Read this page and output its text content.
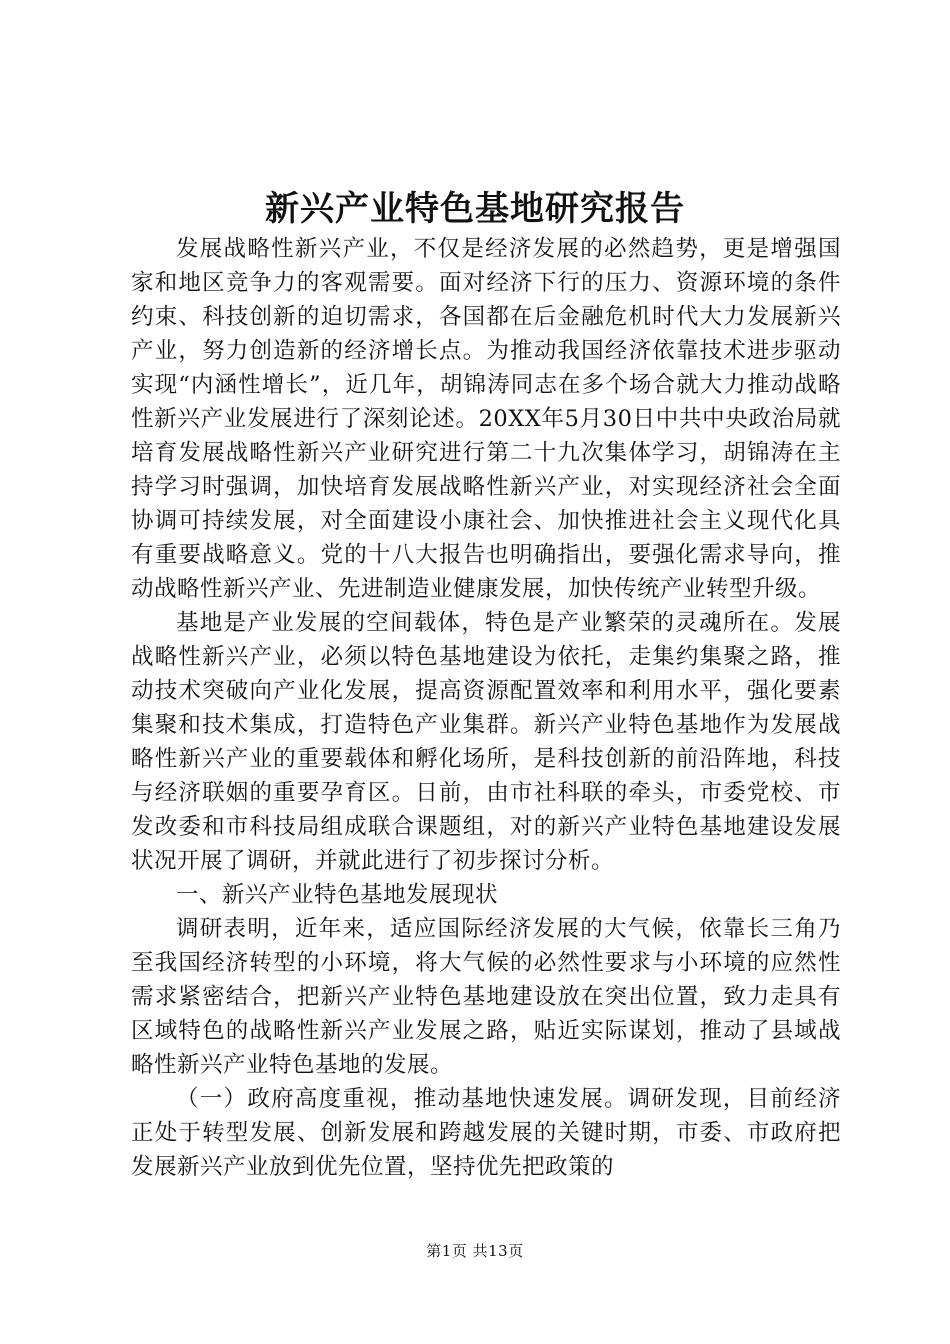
新兴产业特色基地研究报告

发展战略性新兴产业，不仅是经济发展的必然趋势，更是增强国家和地区竞争力的客观需要。面对经济下行的压力、资源环境的条件约束、科技创新的迫切需求，各国都在后金融危机时代大力发展新兴产业，努力创造新的经济增长点。为推动我国经济依靠技术进步驱动实现“内涵性增长”，近几年，胡锦涛同志在多个场合就大力推动战略性新兴产业发展进行了深刻论述。20XX年5月30日中共中央政治局就培育发展战略性新兴产业研究进行第二十九次集体学习，胡锦涛在主持学习时强调，加快培育发展战略性新兴产业，对实现经济社会全面协调可持续发展，对全面建设小康社会、加快推进社会主义现代化具有重要战略意义。党的十八大报告也明确指出，要强化需求导向，推动战略性新兴产业、先进制造业健康发展，加快传统产业转型升级。

基地是产业发展的空间载体，特色是产业繁荣的灵魂所在。发展战略性新兴产业，必须以特色基地建设为依托，走集约集聚之路，推动技术突破向产业化发展，提高资源配置效率和利用水平，强化要素集聚和技术集成，打造特色产业集群。新兴产业特色基地作为发展战略性新兴产业的重要载体和孵化场所，是科技创新的前沿阵地，科技与经济联姻的重要孕育区。日前，由市社科联的牵头，市委党校、市发改委和市科技局组成联合课题组，对的新兴产业特色基地建设发展状况开展了调研，并就此进行了初步探讨分析。

一、新兴产业特色基地发展现状

调研表明，近年来，适应国际经济发展的大气候，依靠长三角乃至我国经济转型的小环境，将大气候的必然性要求与小环境的应然性需求紧密结合，把新兴产业特色基地建设放在突出位置，致力走具有区域特色的战略性新兴产业发展之路，贴近实际谋划，推动了县域战略性新兴产业特色基地的发展。

（一）政府高度重视，推动基地快速发展。调研发现，目前经济正处于转型发展、创新发展和跨越发展的关键时期，市委、市政府把发展新兴产业放到优先位置，坚持优先把政策的

第1页 共13页
